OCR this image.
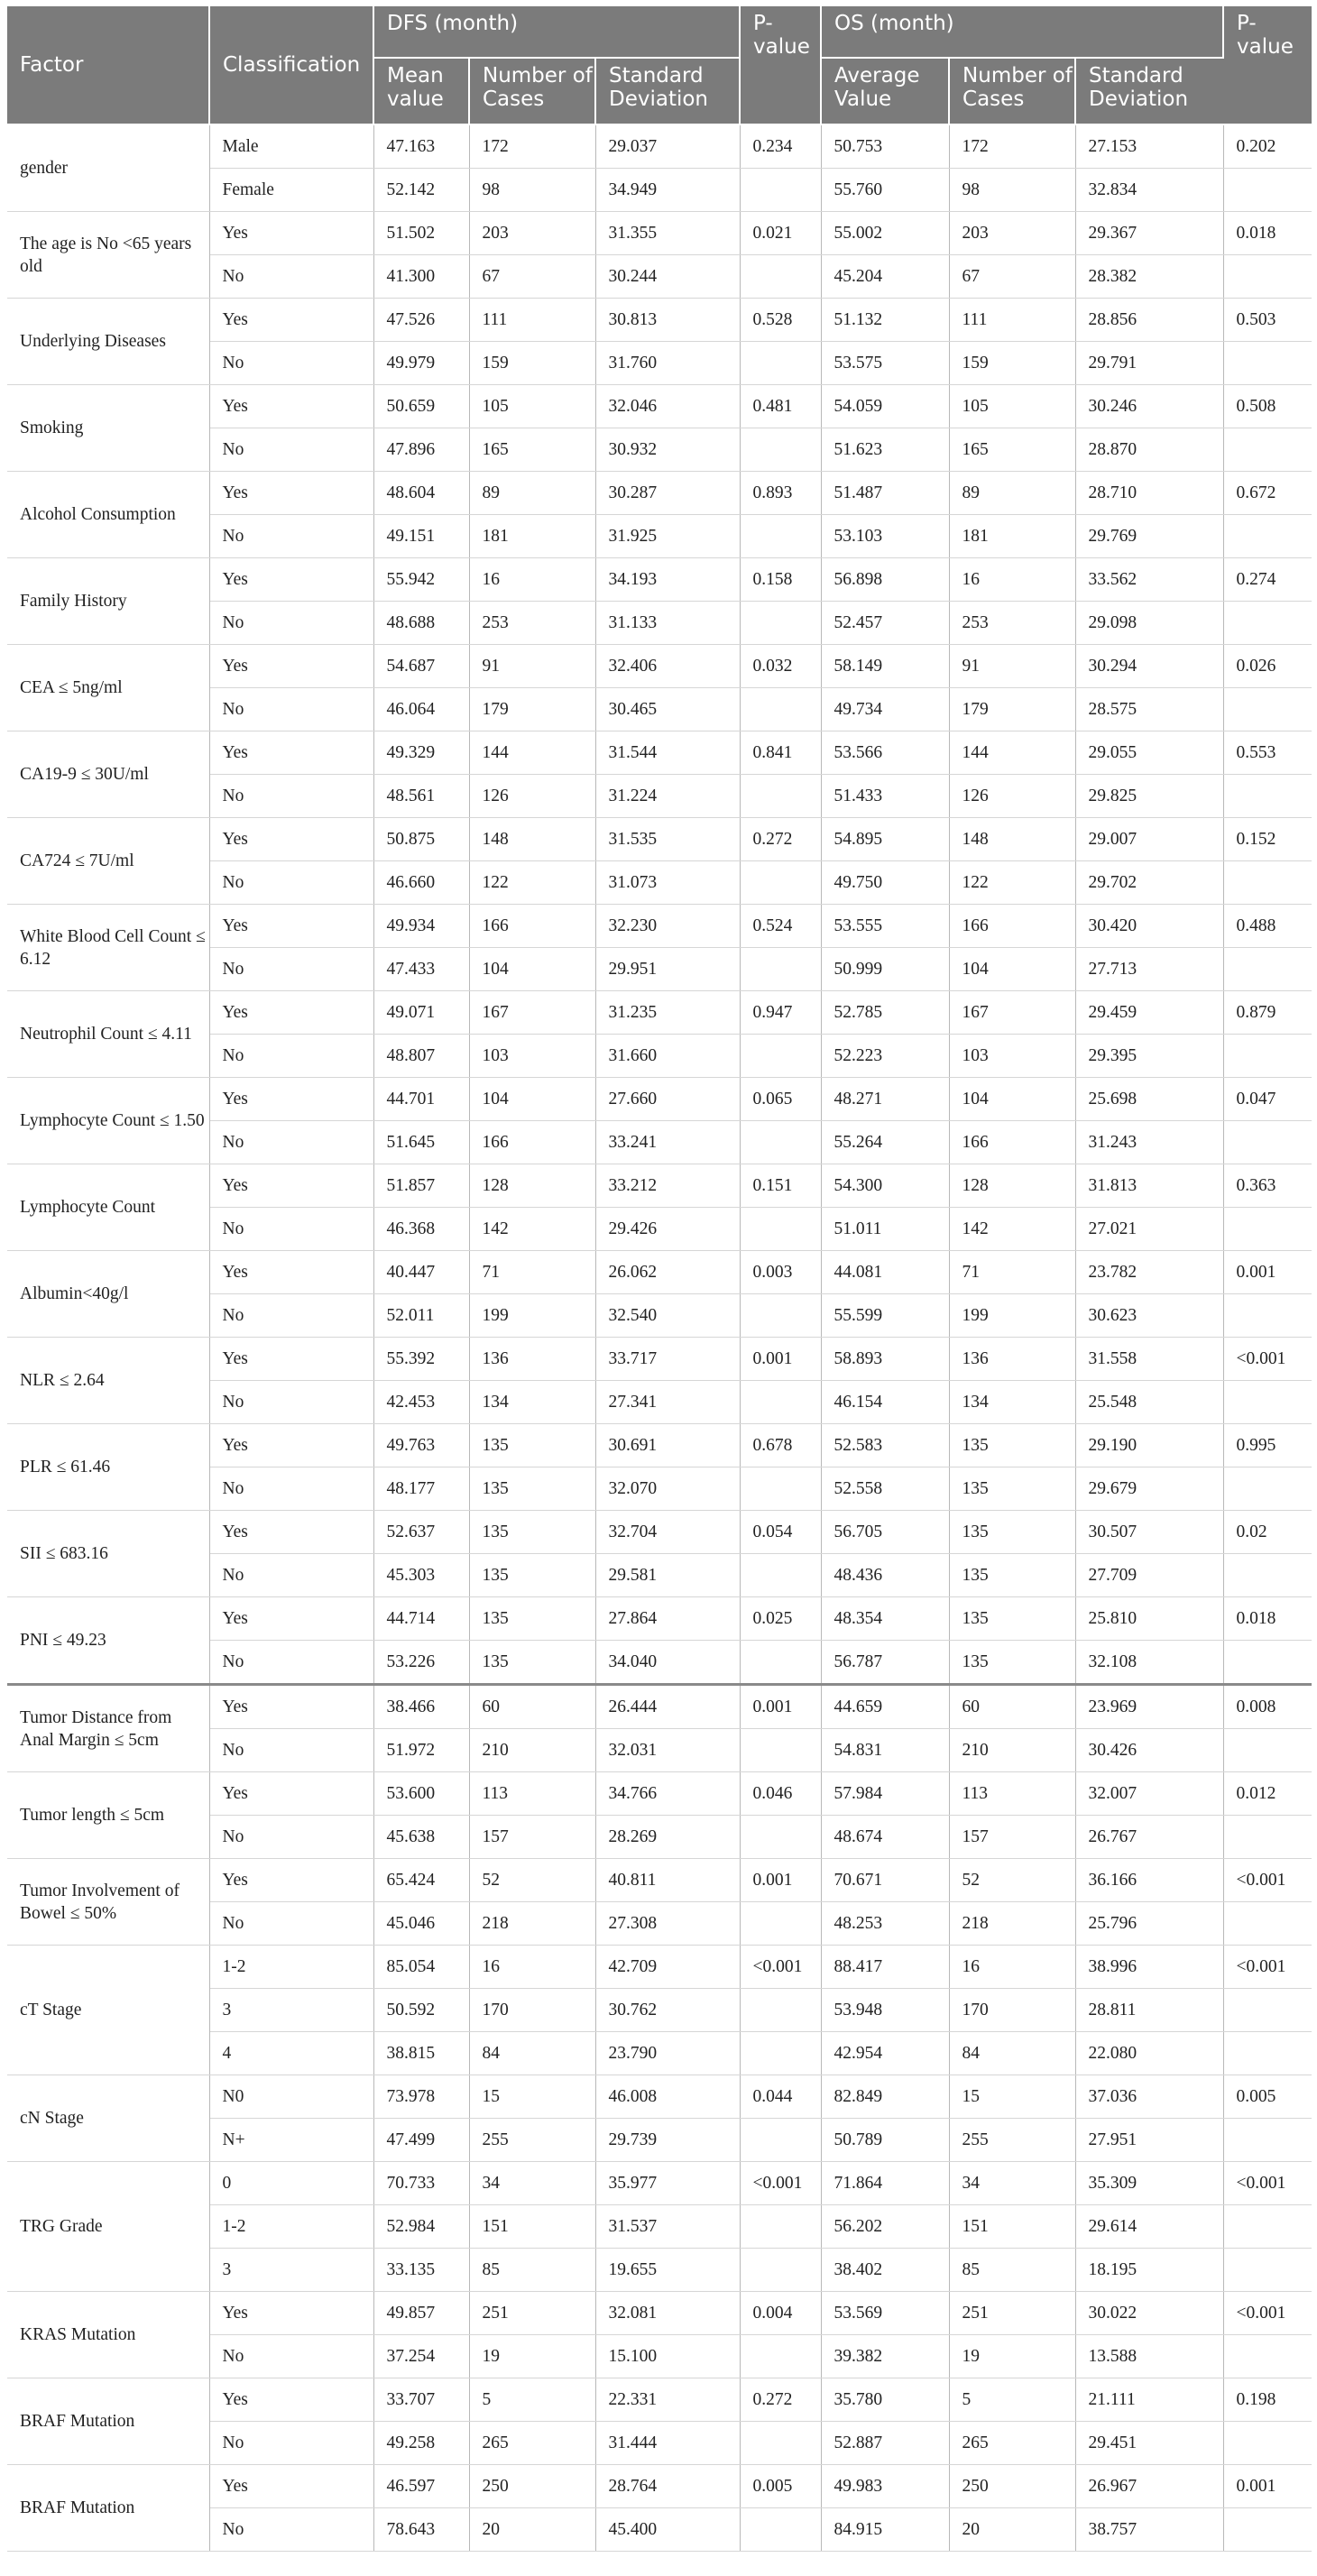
Factor	Classification	DFS (month)			P-value	OS (month)			P-value
		Mean value	Number of Cases	Standard Deviation		Average Value	Number of Cases	Standard Deviation	
gender	Male	47.163	172	29.037	0.234	50.753	172	27.153	0.202
	Female	52.142	98	34.949		55.760	98	32.834	
The age is No <65 years old	Yes	51.502	203	31.355	0.021	55.002	203	29.367	0.018
	No	41.300	67	30.244		45.204	67	28.382	
Underlying Diseases	Yes	47.526	111	30.813	0.528	51.132	111	28.856	0.503
	No	49.979	159	31.760		53.575	159	29.791	
Smoking	Yes	50.659	105	32.046	0.481	54.059	105	30.246	0.508
	No	47.896	165	30.932		51.623	165	28.870	
Alcohol Consumption	Yes	48.604	89	30.287	0.893	51.487	89	28.710	0.672
	No	49.151	181	31.925		53.103	181	29.769	
Family History	Yes	55.942	16	34.193	0.158	56.898	16	33.562	0.274
	No	48.688	253	31.133		52.457	253	29.098	
CEA ≤ 5ng/ml	Yes	54.687	91	32.406	0.032	58.149	91	30.294	0.026
	No	46.064	179	30.465		49.734	179	28.575	
CA19-9 ≤ 30U/ml	Yes	49.329	144	31.544	0.841	53.566	144	29.055	0.553
	No	48.561	126	31.224		51.433	126	29.825	
CA724 ≤ 7U/ml	Yes	50.875	148	31.535	0.272	54.895	148	29.007	0.152
	No	46.660	122	31.073		49.750	122	29.702	
White Blood Cell Count ≤ 6.12	Yes	49.934	166	32.230	0.524	53.555	166	30.420	0.488
	No	47.433	104	29.951		50.999	104	27.713	
Neutrophil Count ≤ 4.11	Yes	49.071	167	31.235	0.947	52.785	167	29.459	0.879
	No	48.807	103	31.660		52.223	103	29.395	
Lymphocyte Count ≤ 1.50	Yes	44.701	104	27.660	0.065	48.271	104	25.698	0.047
	No	51.645	166	33.241		55.264	166	31.243	
Lymphocyte Count	Yes	51.857	128	33.212	0.151	54.300	128	31.813	0.363
	No	46.368	142	29.426		51.011	142	27.021	
Albumin<40g/l	Yes	40.447	71	26.062	0.003	44.081	71	23.782	0.001
	No	52.011	199	32.540		55.599	199	30.623	
NLR ≤ 2.64	Yes	55.392	136	33.717	0.001	58.893	136	31.558	<0.001
	No	42.453	134	27.341		46.154	134	25.548	
PLR ≤ 61.46	Yes	49.763	135	30.691	0.678	52.583	135	29.190	0.995
	No	48.177	135	32.070		52.558	135	29.679	
SII ≤ 683.16	Yes	52.637	135	32.704	0.054	56.705	135	30.507	0.02
	No	45.303	135	29.581		48.436	135	27.709	
PNI ≤ 49.23	Yes	44.714	135	27.864	0.025	48.354	135	25.810	0.018
	No	53.226	135	34.040		56.787	135	32.108	
Tumor Distance from Anal Margin ≤ 5cm	Yes	38.466	60	26.444	0.001	44.659	60	23.969	0.008
	No	51.972	210	32.031		54.831	210	30.426	
Tumor length ≤ 5cm	Yes	53.600	113	34.766	0.046	57.984	113	32.007	0.012
	No	45.638	157	28.269		48.674	157	26.767	
Tumor Involvement of Bowel ≤ 50%	Yes	65.424	52	40.811	0.001	70.671	52	36.166	<0.001
	No	45.046	218	27.308		48.253	218	25.796	
cT Stage	1-2	85.054	16	42.709	<0.001	88.417	16	38.996	<0.001
	3	50.592	170	30.762		53.948	170	28.811	
	4	38.815	84	23.790		42.954	84	22.080	
cN Stage	N0	73.978	15	46.008	0.044	82.849	15	37.036	0.005
	N+	47.499	255	29.739		50.789	255	27.951	
TRG Grade	0	70.733	34	35.977	<0.001	71.864	34	35.309	<0.001
	1-2	52.984	151	31.537		56.202	151	29.614	
	3	33.135	85	19.655		38.402	85	18.195	
KRAS Mutation	Yes	49.857	251	32.081	0.004	53.569	251	30.022	<0.001
	No	37.254	19	15.100		39.382	19	13.588	
BRAF Mutation	Yes	33.707	5	22.331	0.272	35.780	5	21.111	0.198
	No	49.258	265	31.444		52.887	265	29.451	
BRAF Mutation	Yes	46.597	250	28.764	0.005	49.983	250	26.967	0.001
	No	78.643	20	45.400		84.915	20	38.757	
